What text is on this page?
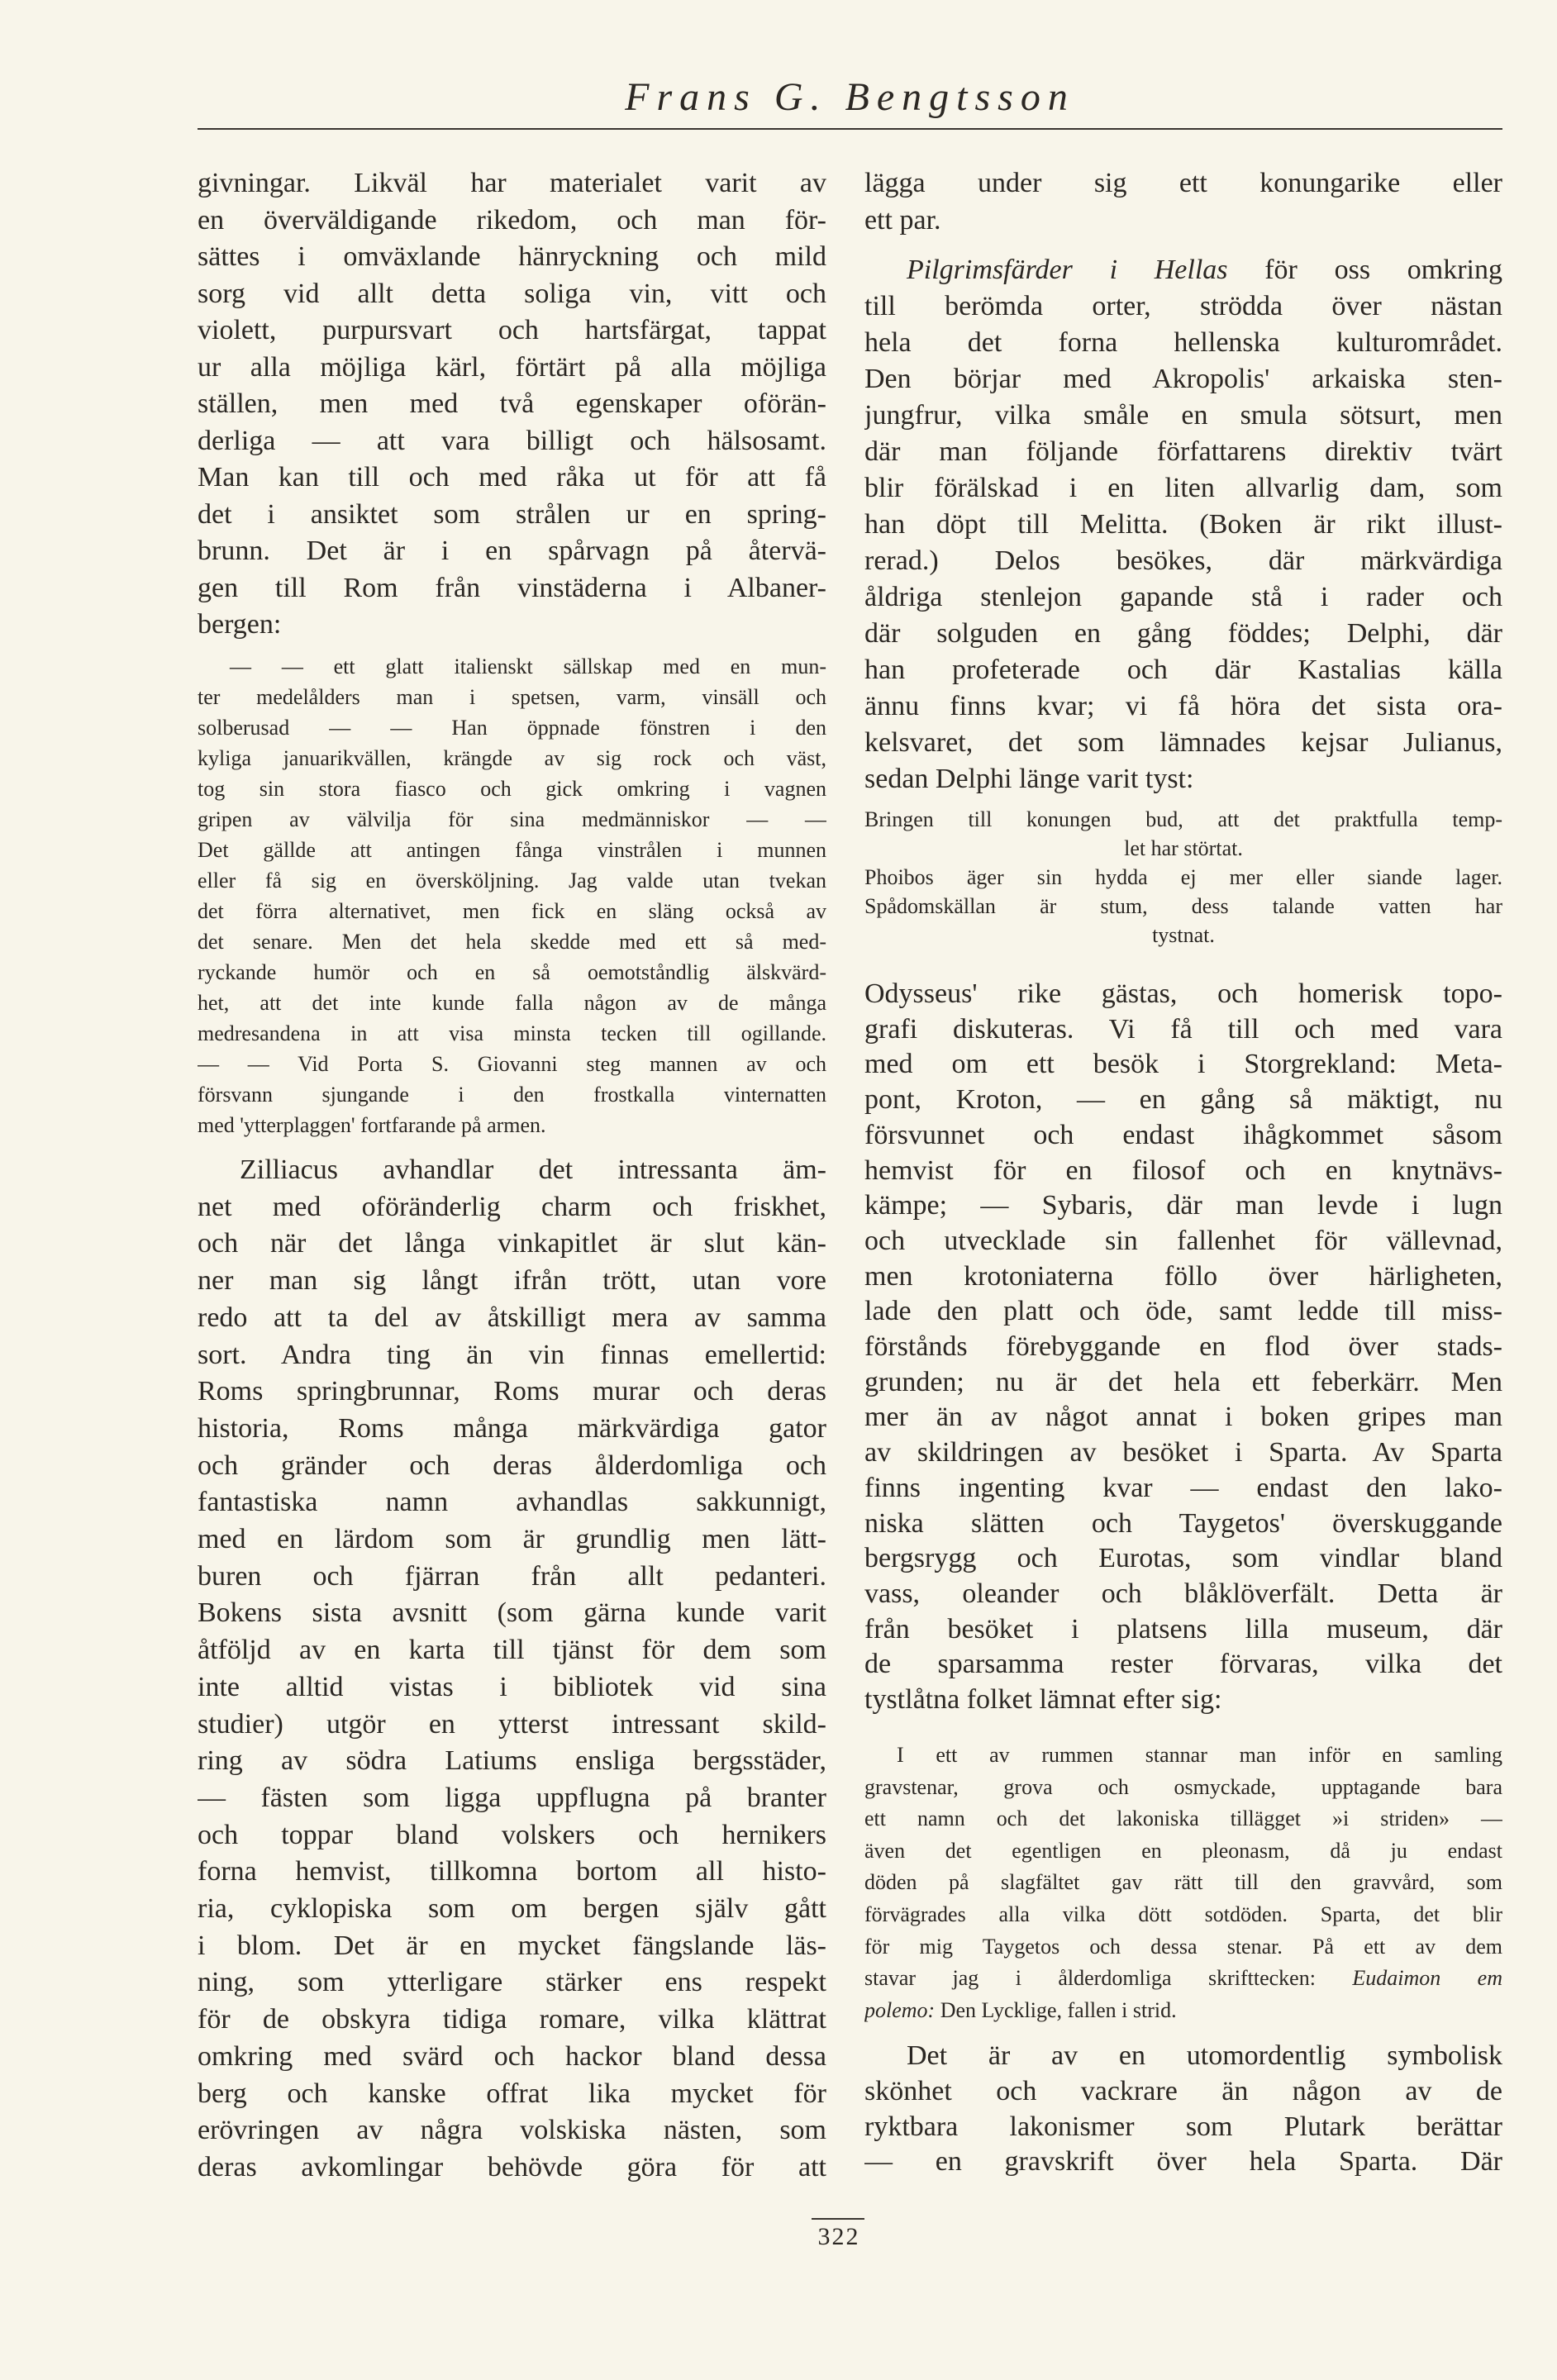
Frans G. Bengtsson
givningar. Likväl har materialet varit av
en överväldigande rikedom, och man för-
sättes i omväxlande hänryckning och mild
sorg vid allt detta soliga vin, vitt och
violett, purpursvart och hartsfärgat, tappat
ur alla möjliga kärl, förtärt på alla möjliga
ställen, men med två egenskaper oförän-
derliga — att vara billigt och hälsosamt.
Man kan till och med råka ut för att få
det i ansiktet som strålen ur en spring-
brunn. Det är i en spårvagn på återvä-
gen till Rom från vinstäderna i Albaner-
bergen:
— — ett glatt italienskt sällskap med en mun-
ter medelålders man i spetsen, varm, vinsäll och
solberusad — — Han öppnade fönstren i den
kyliga januarikvällen, krängde av sig rock och väst,
tog sin stora fiasco och gick omkring i vagnen
gripen av välvilja för sina medmänniskor — —
Det gällde att antingen fånga vinstrålen i munnen
eller få sig en översköljning. Jag valde utan tvekan
det förra alternativet, men fick en släng också av
det senare. Men det hela skedde med ett så med-
ryckande humör och en så oemotståndlig älskvärd-
het, att det inte kunde falla någon av de många
medresandena in att visa minsta tecken till ogillande.
— — Vid Porta S. Giovanni steg mannen av och
försvann sjungande i den frostkalla vinternatten
med 'ytterplaggen' fortfarande på armen.
Zilliacus avhandlar det intressanta äm-
net med oföränderlig charm och friskhet,
och när det långa vinkapitlet är slut kän-
ner man sig långt ifrån trött, utan vore
redo att ta del av åtskilligt mera av samma
sort. Andra ting än vin finnas emellertid:
Roms springbrunnar, Roms murar och deras
historia, Roms många märkvärdiga gator
och gränder och deras ålderdomliga och
fantastiska namn avhandlas sakkunnigt,
med en lärdom som är grundlig men lätt-
buren och fjärran från allt pedanteri.
Bokens sista avsnitt (som gärna kunde varit
åtföljd av en karta till tjänst för dem som
inte alltid vistas i bibliotek vid sina
studier) utgör en ytterst intressant skild-
ring av södra Latiums ensliga bergsstäder,
— fästen som ligga uppflugna på branter
och toppar bland volskers och hernikers
forna hemvist, tillkomna bortom all histo-
ria, cyklopiska som om bergen själv gått
i blom. Det är en mycket fängslande läs-
ning, som ytterligare stärker ens respekt
för de obskyra tidiga romare, vilka klättrat
omkring med svärd och hackor bland dessa
berg och kanske offrat lika mycket för
erövringen av några volskiska nästen, som
deras avkomlingar behövde göra för att
lägga under sig ett konungarike eller
ett par.
Pilgrimsfärder i Hellas för oss omkring
till berömda orter, strödda över nästan
hela det forna hellenska kulturområdet.
Den börjar med Akropolis' arkaiska sten-
jungfrur, vilka småle en smula sötsurt, men
där man följande författarens direktiv tvärt
blir förälskad i en liten allvarlig dam, som
han döpt till Melitta. (Boken är rikt illust-
rerad.) Delos besökes, där märkvärdiga
åldriga stenlejon gapande stå i rader och
där solguden en gång föddes; Delphi, där
han profeterade och där Kastalias källa
ännu finns kvar; vi få höra det sista ora-
kelsvaret, det som lämnades kejsar Julianus,
sedan Delphi länge varit tyst:
Bringen till konungen bud, att det praktfulla temp-
let har störtat.
Phoibos äger sin hydda ej mer eller siande lager.
Spådomskällan är stum, dess talande vatten har
tystnat.
Odysseus' rike gästas, och homerisk topo-
grafi diskuteras. Vi få till och med vara
med om ett besök i Storgrekland: Meta-
pont, Kroton, — en gång så mäktigt, nu
försvunnet och endast ihågkommet såsom
hemvist för en filosof och en knytnävs-
kämpe; — Sybaris, där man levde i lugn
och utvecklade sin fallenhet för vällevnad,
men krotoniaterna föllo över härligheten,
lade den platt och öde, samt ledde till miss-
förstånds förebyggande en flod över stads-
grunden; nu är det hela ett feberkärr. Men
mer än av något annat i boken gripes man
av skildringen av besöket i Sparta. Av Sparta
finns ingenting kvar — endast den lako-
niska slätten och Taygetos' överskuggande
bergsrygg och Eurotas, som vindlar bland
vass, oleander och blåklöverfält. Detta är
från besöket i platsens lilla museum, där
de sparsamma rester förvaras, vilka det
tystlåtna folket lämnat efter sig:
I ett av rummen stannar man inför en samling
gravstenar, grova och osmyckade, upptagande bara
ett namn och det lakoniska tillägget »i striden» —
även det egentligen en pleonasm, då ju endast
döden på slagfältet gav rätt till den gravvård, som
förvägrades alla vilka dött sotdöden. Sparta, det blir
för mig Taygetos och dessa stenar. På ett av dem
stavar jag i ålderdomliga skrifttecken: Eudaimon em
polemo: Den Lycklige, fallen i strid.
Det är av en utomordentlig symbolisk
skönhet och vackrare än någon av de
ryktbara lakonismer som Plutark berättar
— en gravskrift över hela Sparta. Där
322
